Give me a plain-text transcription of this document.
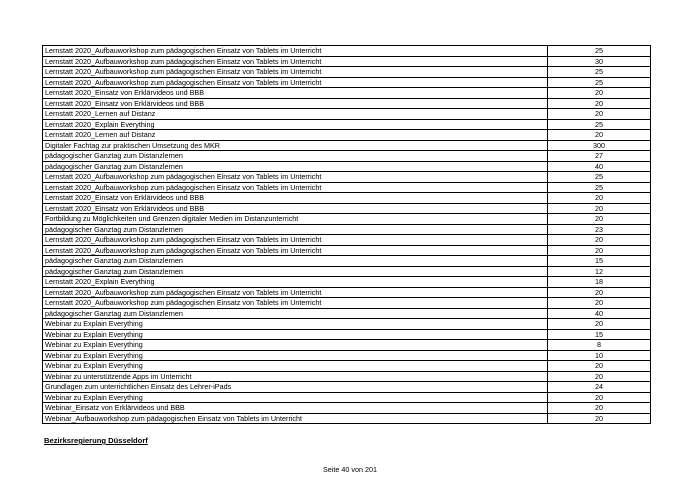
Lernstatt 2020_Aufbauworkshop zum pädagogischen Einsatz von Tablets im Unterricht	25
Lernstatt 2020_Aufbauworkshop zum pädagogischen Einsatz von Tablets im Unterricht	30
Lernstatt 2020_Aufbauworkshop zum pädagogischen Einsatz von Tablets im Unterricht	25
Lernstatt 2020_Aufbauworkshop zum pädagogischen Einsatz von Tablets im Unterricht	25
Lernstatt 2020_Einsatz von Erklärvideos und BBB	20
Lernstatt 2020_Einsatz von Erklärvideos und BBB	20
Lernstatt 2020_Lernen auf Distanz	20
Lernstatt 2020_Explain Everything	25
Lernstatt 2020_Lernen auf Distanz	20
Digitaler Fachtag zur praktischen Umsetzung des MKR	300
pädagogischer Ganztag zum Distanzlernen	27
pädagogischer Ganztag zum Distanzlernen	40
Lernstatt 2020_Aufbauworkshop zum pädagogischen Einsatz von Tablets im Unterricht	25
Lernstatt 2020_Aufbauworkshop zum pädagogischen Einsatz von Tablets im Unterricht	25
Lernstatt 2020_Einsatz von Erklärvideos und BBB	20
Lernstatt 2020_Einsatz von Erklärvideos und BBB	20
Fortbildung zu Möglichkeiten und Grenzen digitaler Medien im Distanzunterricht	20
pädagogischer Ganztag zum Distanzlernen	23
Lernstatt 2020_Aufbauworkshop zum pädagogischen Einsatz von Tablets im Unterricht	20
Lernstatt 2020_Aufbauworkshop zum pädagogischen Einsatz von Tablets im Unterricht	20
pädagogischer Ganztag zum Distanzlernen	15
pädagogischer Ganztag zum Distanzlernen	12
Lernstatt 2020_Explain Everything	18
Lernstatt 2020_Aufbauworkshop zum pädagogischen Einsatz von Tablets im Unterricht	20
Lernstatt 2020_Aufbauworkshop zum pädagogischen Einsatz von Tablets im Unterricht	20
pädagogischer Ganztag zum Distanzlernen	40
Webinar zu Explain Everything	20
Webinar zu Explain Everything	15
Webinar zu Explain Everything	8
Webinar zu Explain Everything	10
Webinar zu Explain Everything	20
Webinar zu unterstützende Apps im Unterricht	20
Grundlagen zum unterrichtlichen Einsatz des Lehrer-iPads	24
Webinar zu Explain Everything	20
Webinar_Einsatz von Erklärvideos und BBB	20
Webinar_Aufbauworkshop zum pädagogischen Einsatz von Tablets im Unterricht	20
Bezirksregierung Düsseldorf
Seite 40 von 201
